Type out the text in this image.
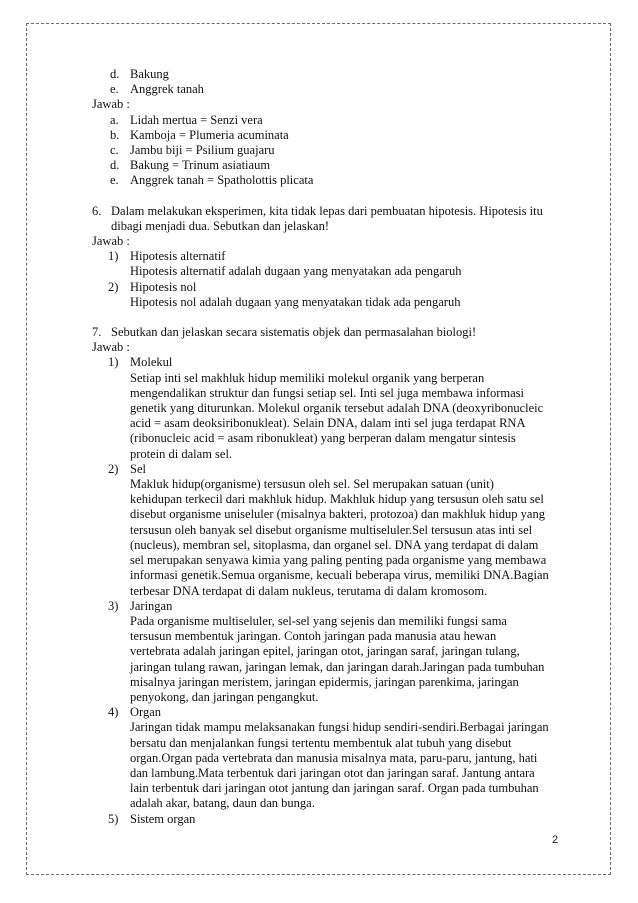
d. Bakung
e. Anggrek tanah
Jawab :
a. Lidah mertua = Senzi vera
b. Kamboja = Plumeria acuminata
c. Jambu biji = Psilium guajaru
d. Bakung = Trinum asiatiaum
e. Anggrek tanah = Spatholottis plicata
6. Dalam melakukan eksperimen, kita tidak lepas dari pembuatan hipotesis. Hipotesis itu
dibagi menjadi dua. Sebutkan dan jelaskan!
Jawab :
1) Hipotesis alternatif
Hipotesis alternatif adalah dugaan yang menyatakan ada pengaruh
2) Hipotesis nol
Hipotesis nol adalah dugaan yang menyatakan tidak ada pengaruh
7. Sebutkan dan jelaskan secara sistematis objek dan permasalahan biologi!
Jawab :
1) Molekul
Setiap inti sel makhluk hidup memiliki molekul organik yang berperan
mengendalikan struktur dan fungsi setiap sel. Inti sel juga membawa informasi
genetik yang diturunkan. Molekul organik tersebut adalah DNA (deoxyribonucleic
acid = asam deoksiribonukleat). Selain DNA, dalam inti sel juga terdapat RNA
(ribonucleic acid = asam ribonukleat) yang berperan dalam mengatur sintesis
protein di dalam sel.
2) Sel
Makluk hidup(organisme) tersusun oleh sel. Sel merupakan satuan (unit)
kehidupan terkecil dari makhluk hidup. Makhluk hidup yang tersusun oleh satu sel
disebut organisme uniseluler (misalnya bakteri, protozoa) dan makhluk hidup yang
tersusun oleh banyak sel disebut organisme multiseluler.Sel tersusun atas inti sel
(nucleus), membran sel, sitoplasma, dan organel sel. DNA yang terdapat di dalam
sel merupakan senyawa kimia yang paling penting pada organisme yang membawa
informasi genetik.Semua organisme, kecuali beberapa virus, memiliki DNA.Bagian
terbesar DNA terdapat di dalam nukleus, terutama di dalam kromosom.
3) Jaringan
Pada organisme multiseluler, sel-sel yang sejenis dan memiliki fungsi sama
tersusun membentuk jaringan. Contoh jaringan pada manusia atau hewan
vertebrata adalah jaringan epitel, jaringan otot, jaringan saraf, jaringan tulang,
jaringan tulang rawan, jaringan lemak, dan jaringan darah.Jaringan pada tumbuhan
misalnya jaringan meristem, jaringan epidermis, jaringan parenkima, jaringan
penyokong, dan jaringan pengangkut.
4) Organ
Jaringan tidak mampu melaksanakan fungsi hidup sendiri-sendiri.Berbagai jaringan
bersatu dan menjalankan fungsi tertentu membentuk alat tubuh yang disebut
organ.Organ pada vertebrata dan manusia misalnya mata, paru-paru, jantung, hati
dan lambung.Mata terbentuk dari jaringan otot dan jaringan saraf. Jantung antara
lain terbentuk dari jaringan otot jantung dan jaringan saraf. Organ pada tumbuhan
adalah akar, batang, daun dan bunga.
5) Sistem organ
2
